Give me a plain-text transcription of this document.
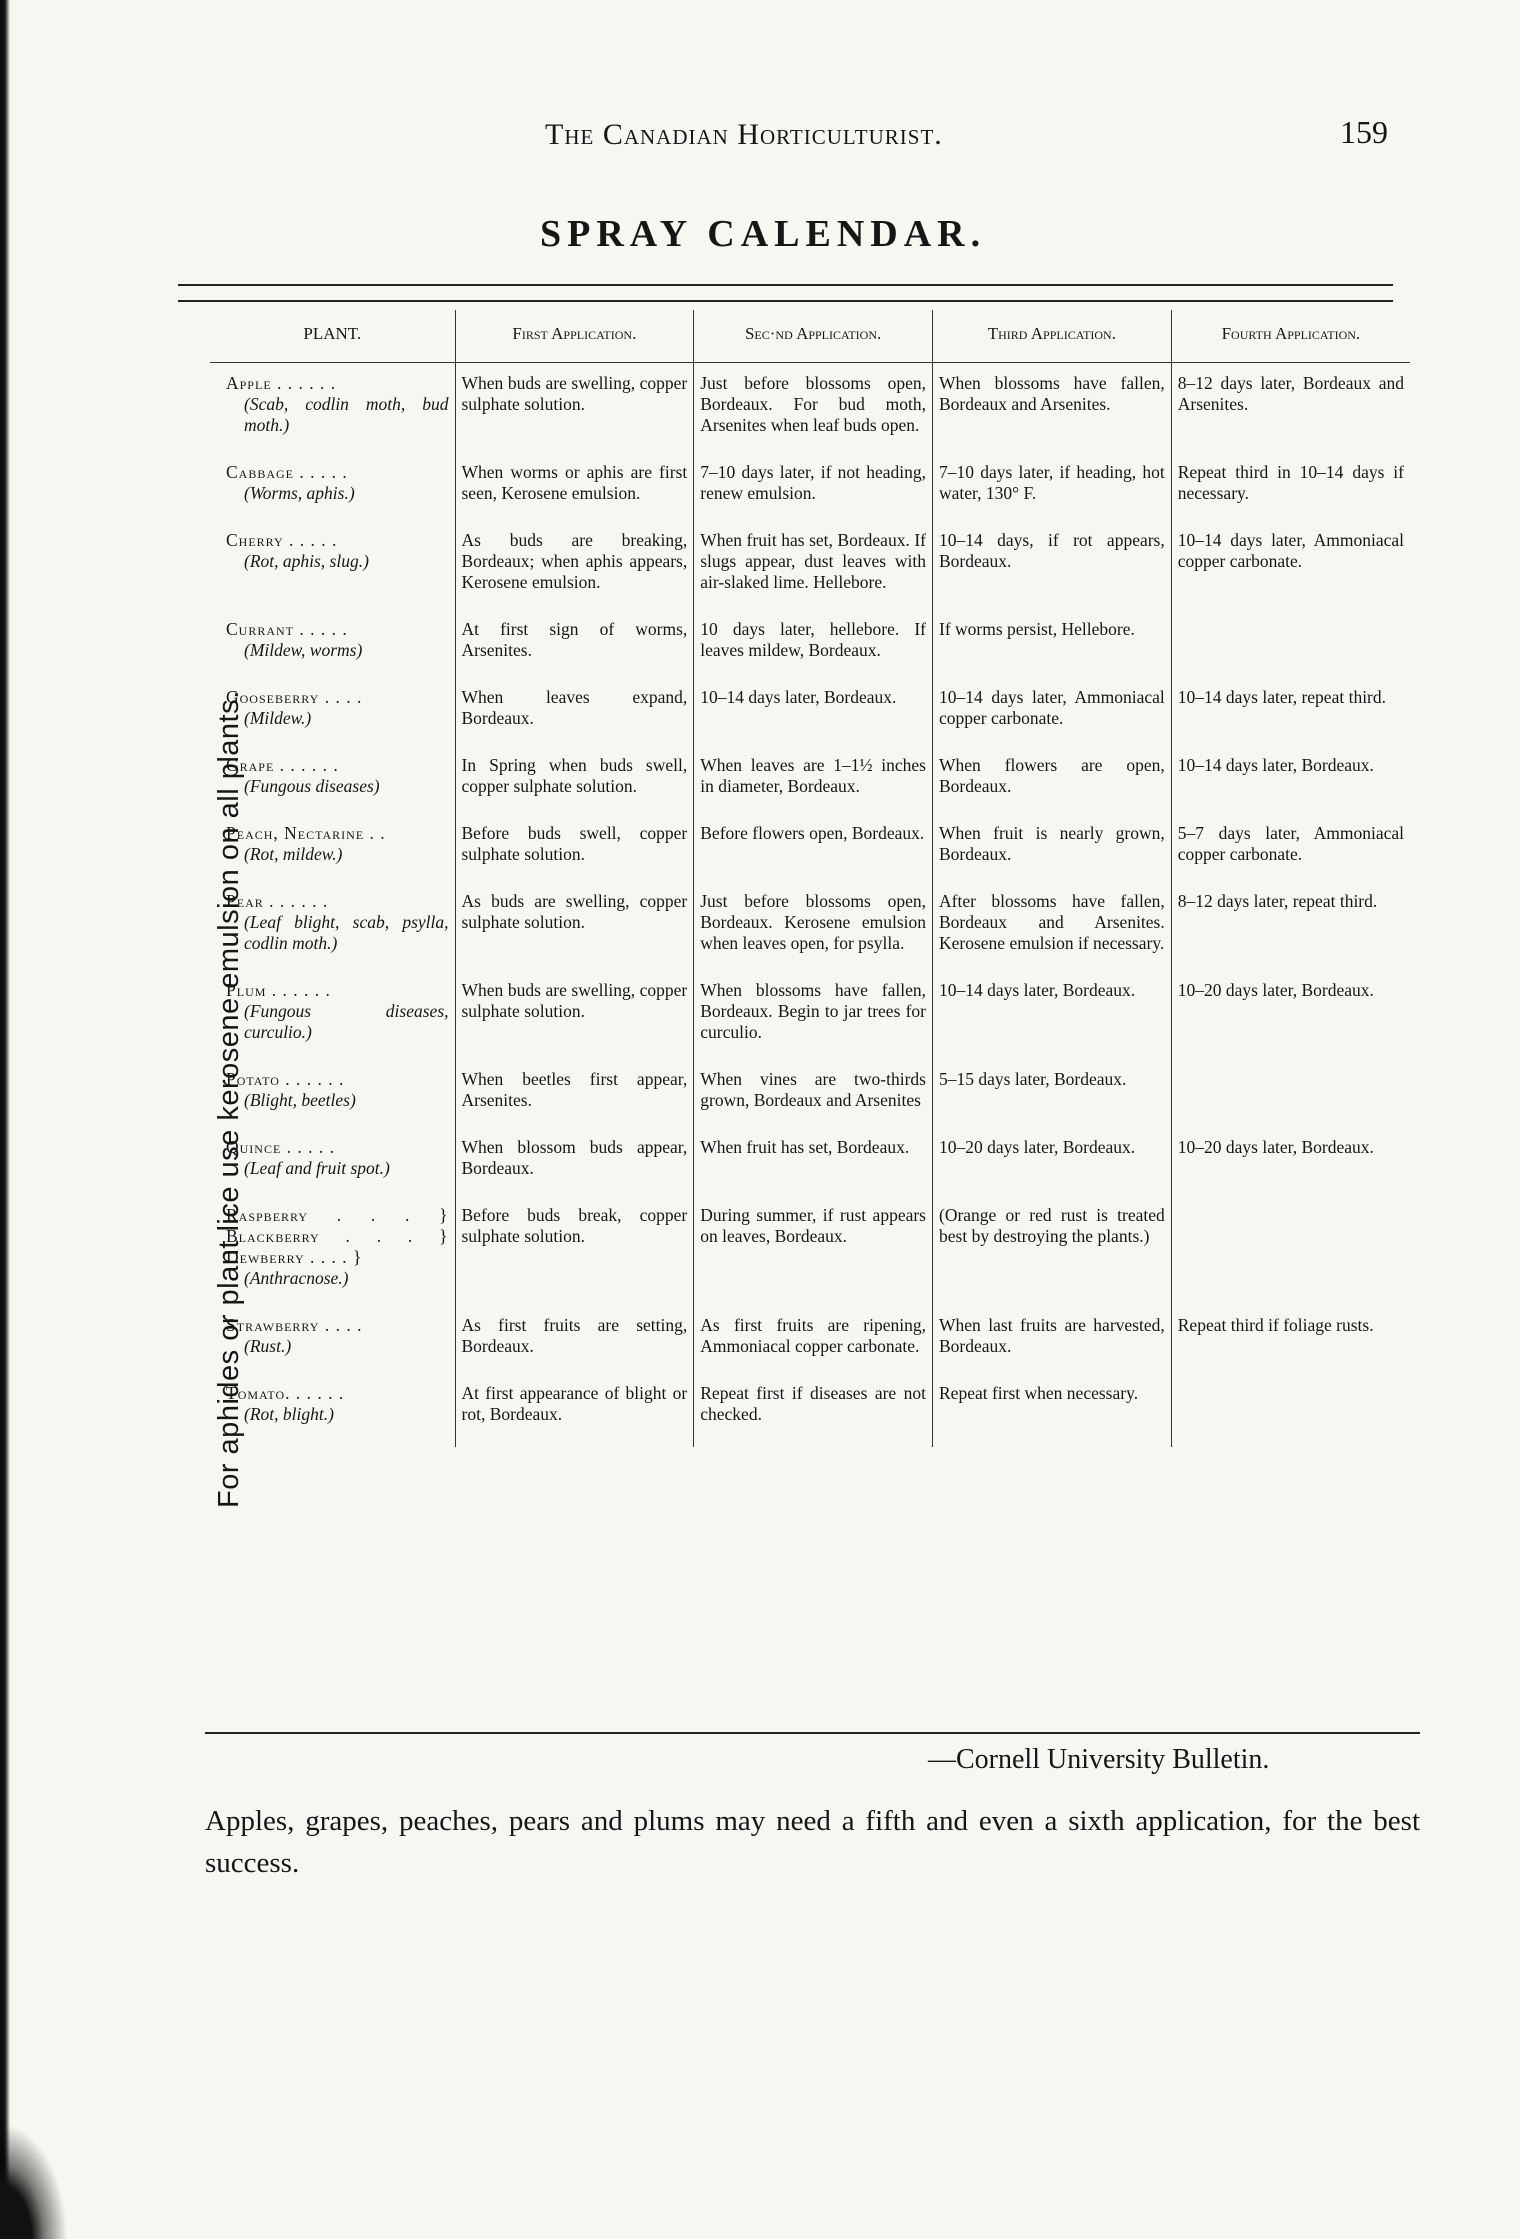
The Canadian Horticulturist.	159
SPRAY CALENDAR.
For aphides or plant lice use kerosene emulsion on all plants.
PLANT.	First Application.	Sec·nd Application.	Third Application.	Fourth Application.

Apple . . . . . .
(Scab, codlin moth, bud moth.)	When buds are swelling, copper sulphate solution.	Just before blossoms open, Bordeaux. For bud moth, Arsenites when leaf buds open.	When blossoms have fallen, Bordeaux and Arsenites.	8–12 days later, Bordeaux and Arsenites.

Cabbage . . . . .
(Worms, aphis.)	When worms or aphis are first seen, Kerosene emulsion.	7–10 days later, if not heading, renew emulsion.	7–10 days later, if heading, hot water, 130° F.	Repeat third in 10–14 days if necessary.

Cherry . . . . .
(Rot, aphis, slug.)	As buds are breaking, Bordeaux; when aphis appears, Kerosene emulsion.	When fruit has set, Bordeaux. If slugs appear, dust leaves with air-slaked lime. Hellebore.	10–14 days, if rot appears, Bordeaux.	10–14 days later, Ammoniacal copper carbonate.

Currant . . . . .
(Mildew, worms)	At first sign of worms, Arsenites.	10 days later, hellebore. If leaves mildew, Bordeaux.	If worms persist, Hellebore.	

Gooseberry . . . .
(Mildew.)	When leaves expand, Bordeaux.	10–14 days later, Bordeaux.	10–14 days later, Ammoniacal copper carbonate.	10–14 days later, repeat third.

Grape . . . . . .
(Fungous diseases)	In Spring when buds swell, copper sulphate solution.	When leaves are 1–1½ inches in diameter, Bordeaux.	When flowers are open, Bordeaux.	10–14 days later, Bordeaux.

Peach, Nectarine . .
(Rot, mildew.)	Before buds swell, copper sulphate solution.	Before flowers open, Bordeaux.	When fruit is nearly grown, Bordeaux.	5–7 days later, Ammoniacal copper carbonate.

Pear . . . . . .
(Leaf blight, scab, psylla, codlin moth.)	As buds are swelling, copper sulphate solution.	Just before blossoms open, Bordeaux. Kerosene emulsion when leaves open, for psylla.	After blossoms have fallen, Bordeaux and Arsenites. Kerosene emulsion if necessary.	8–12 days later, repeat third.

Plum . . . . . .
(Fungous diseases, curculio.)	When buds are swelling, copper sulphate solution.	When blossoms have fallen, Bordeaux. Begin to jar trees for curculio.	10–14 days later, Bordeaux.	10–20 days later, Bordeaux.

Potato . . . . . .
(Blight, beetles)	When beetles first appear, Arsenites.	When vines are two-thirds grown, Bordeaux and Arsenites	5–15 days later, Bordeaux.	

Quince . . . . .
(Leaf and fruit spot.)	When blossom buds appear, Bordeaux.	When fruit has set, Bordeaux.	10–20 days later, Bordeaux.	10–20 days later, Bordeaux.

Raspberry . . . } Blackberry . . . } Dewberry . . . . }
(Anthracnose.)	Before buds break, copper sulphate solution.	During summer, if rust appears on leaves, Bordeaux.	(Orange or red rust is treated best by destroying the plants.)	

Strawberry . . . .
(Rust.)	As first fruits are setting, Bordeaux.	As first fruits are ripening, Ammoniacal copper carbonate.	When last fruits are harvested, Bordeaux.	Repeat third if foliage rusts.

Tomato. . . . . .
(Rot, blight.)	At first appearance of blight or rot, Bordeaux.	Repeat first if diseases are not checked.	Repeat first when necessary.	
—Cornell University Bulletin.
Apples, grapes, peaches, pears and plums may need a fifth and even a sixth application, for the best success.
